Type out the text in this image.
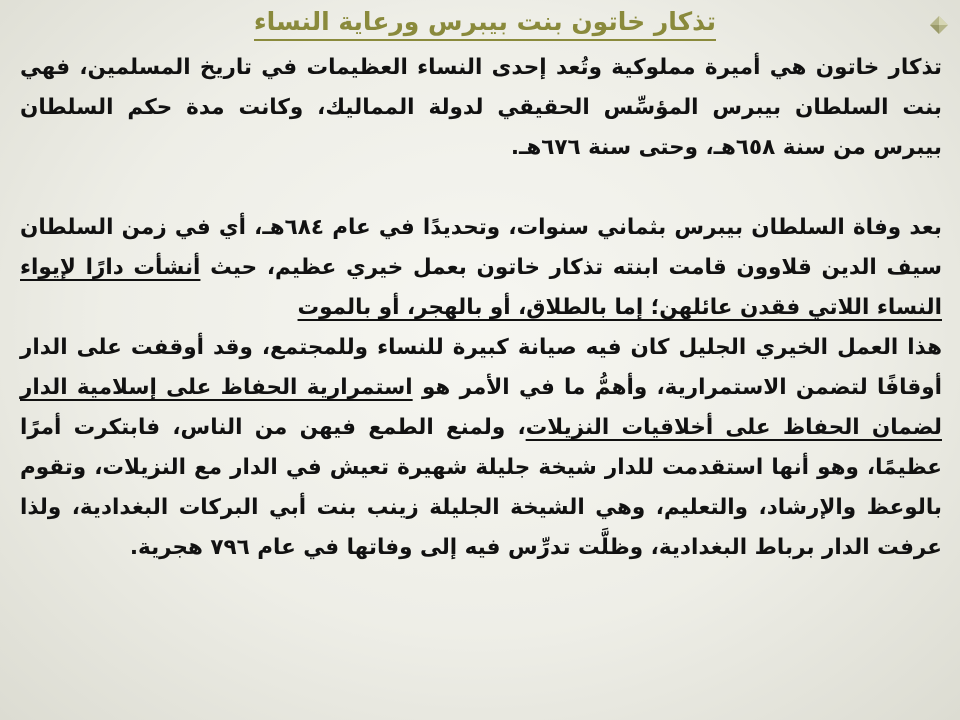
تذكار خاتون بنت بيبرس ورعاية النساء

تذكار خاتون هي أميرة مملوكية وتُعد إحدى النساء العظيمات في تاريخ المسلمين، فهي بنت السلطان بيبرس المؤسِّس الحقيقي لدولة المماليك، وكانت مدة حكم السلطان بيبرس من سنة ٦٥٨هـ، وحتى سنة ٦٧٦هـ.

بعد وفاة السلطان بيبرس بثماني سنوات، وتحديدًا في عام ٦٨٤هـ، أي في زمن السلطان سيف الدين قلاوون قامت ابنته تذكار خاتون بعمل خيري عظيم، حيث أنشأت دارًا لإيواء النساء اللاتي فقدن عائلهن؛ إما بالطلاق، أو بالهجر، أو بالموت

هذا العمل الخيري الجليل كان فيه صيانة كبيرة للنساء وللمجتمع، وقد أوقفت على الدار أوقافًا لتضمن الاستمرارية، وأهمُّ ما في الأمر هو استمرارية الحفاظ على إسلامية الدار لضمان الحفاظ على أخلاقيات النزيلات، ولمنع الطمع فيهن من الناس، فابتكرت أمرًا عظيمًا، وهو أنها استقدمت للدار شيخة جليلة شهيرة تعيش في الدار مع النزيلات، وتقوم بالوعظ والإرشاد، والتعليم، وهي الشيخة الجليلة زينب بنت أبي البركات البغدادية، ولذا عرفت الدار برباط البغدادية، وظلَّت تدرِّس فيه إلى وفاتها في عام ٧٩٦ هجرية.
